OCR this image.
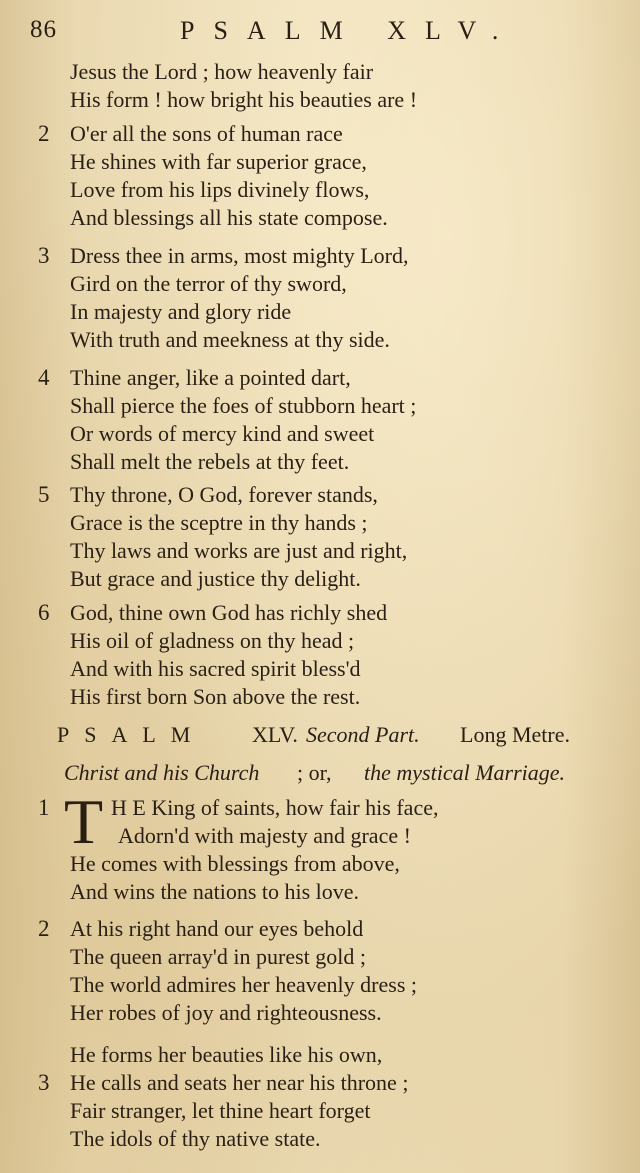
86	PSALM XLV.
Jesus the Lord ; how heavenly fair
His form ! how bright his beauties are !
2 O'er all the sons of human race
He shines with far superior grace,
Love from his lips divinely flows,
And blessings all his state compose.
3 Dress thee in arms, most mighty Lord,
Gird on the terror of thy sword,
In majesty and glory ride
With truth and meekness at thy side.
4 Thine anger, like a pointed dart,
Shall pierce the foes of stubborn heart ;
Or words of mercy kind and sweet
Shall melt the rebels at thy feet.
5 Thy throne, O God, forever stands,
Grace is the sceptre in thy hands ;
Thy laws and works are just and right,
But grace and justice thy delight.
6 God, thine own God has richly shed
His oil of gladness on thy head ;
And with his sacred spirit bless'd
His first born Son above the rest.
PSALM XLV. Second Part. Long Metre.
Christ and his Church ; or, the mystical Marriage.
T
1	H E King of saints, how fair his face,
Adorn'd with majesty and grace !
He comes with blessings from above,
And wins the nations to his love.
2 At his right hand our eyes behold
The queen array'd in purest gold ;
The world admires her heavenly dress ;
Her robes of joy and righteousness.
He forms her beauties like his own,
3 He calls and seats her near his throne ;
Fair stranger, let thine heart forget
The idols of thy native state.
